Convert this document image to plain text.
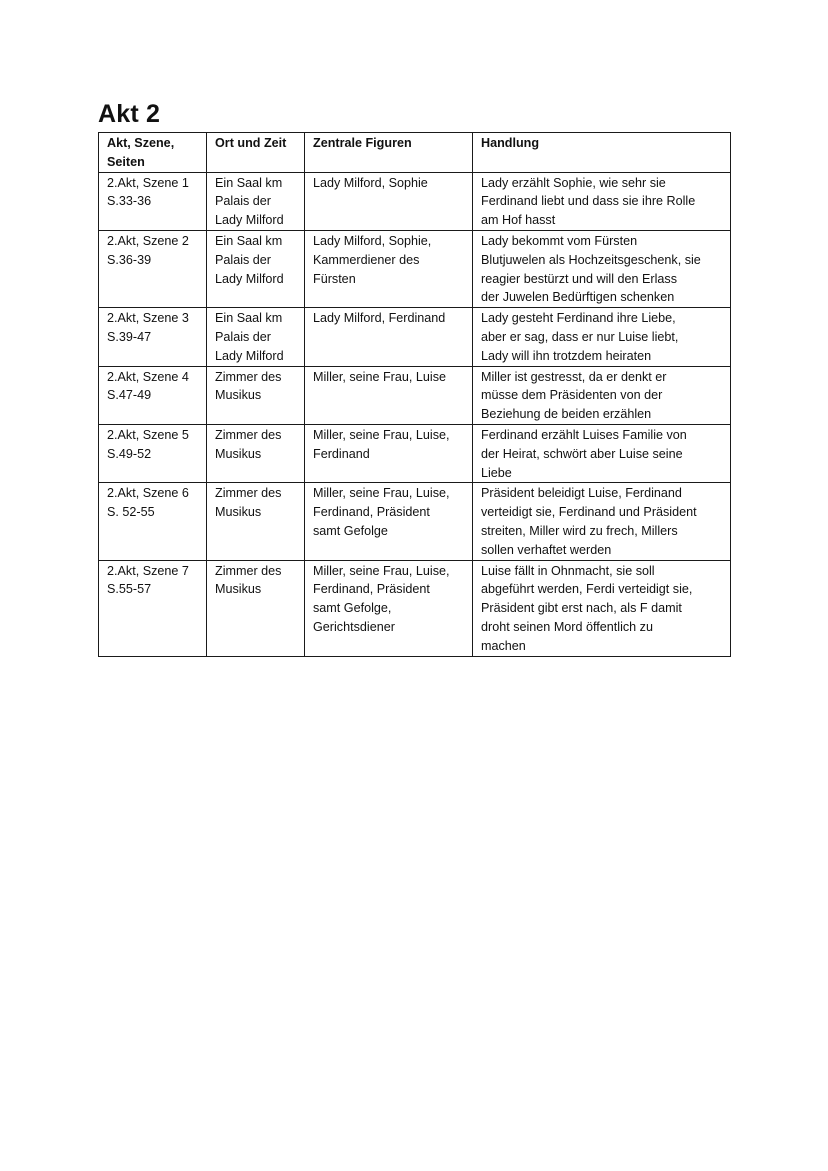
Akt 2
Akt, Szene,
Seiten	Ort und Zeit	Zentrale Figuren	Handlung

2.Akt, Szene 1
S.33-36	Ein Saal km
Palais der
Lady Milford	Lady Milford, Sophie	Lady erzählt Sophie, wie sehr sie
Ferdinand liebt und dass sie ihre Rolle
am Hof hasst

2.Akt, Szene 2
S.36-39	Ein Saal km
Palais der
Lady Milford	Lady Milford, Sophie,
Kammerdiener des
Fürsten	Lady bekommt vom Fürsten
Blutjuwelen als Hochzeitsgeschenk, sie
reagier bestürzt und will den Erlass
der Juwelen Bedürftigen schenken

2.Akt, Szene 3
S.39-47	Ein Saal km
Palais der
Lady Milford	Lady Milford, Ferdinand	Lady gesteht Ferdinand ihre Liebe,
aber er sag, dass er nur Luise liebt,
Lady will ihn trotzdem heiraten

2.Akt, Szene 4
S.47-49	Zimmer des
Musikus	Miller, seine Frau, Luise	Miller ist gestresst, da er denkt er
müsse dem Präsidenten von der
Beziehung de beiden erzählen

2.Akt, Szene 5
S.49-52	Zimmer des
Musikus	Miller, seine Frau, Luise,
Ferdinand	Ferdinand erzählt Luises Familie von
der Heirat, schwört aber Luise seine
Liebe

2.Akt, Szene 6
S. 52-55	Zimmer des
Musikus	Miller, seine Frau, Luise,
Ferdinand, Präsident
samt Gefolge	Präsident beleidigt Luise, Ferdinand
verteidigt sie, Ferdinand und Präsident
streiten, Miller wird zu frech, Millers
sollen verhaftet werden

2.Akt, Szene 7
S.55-57	Zimmer des
Musikus	Miller, seine Frau, Luise,
Ferdinand, Präsident
samt Gefolge,
Gerichtsdiener	Luise fällt in Ohnmacht, sie soll
abgeführt werden, Ferdi verteidigt sie,
Präsident gibt erst nach, als F damit
droht seinen Mord öffentlich zu
machen
